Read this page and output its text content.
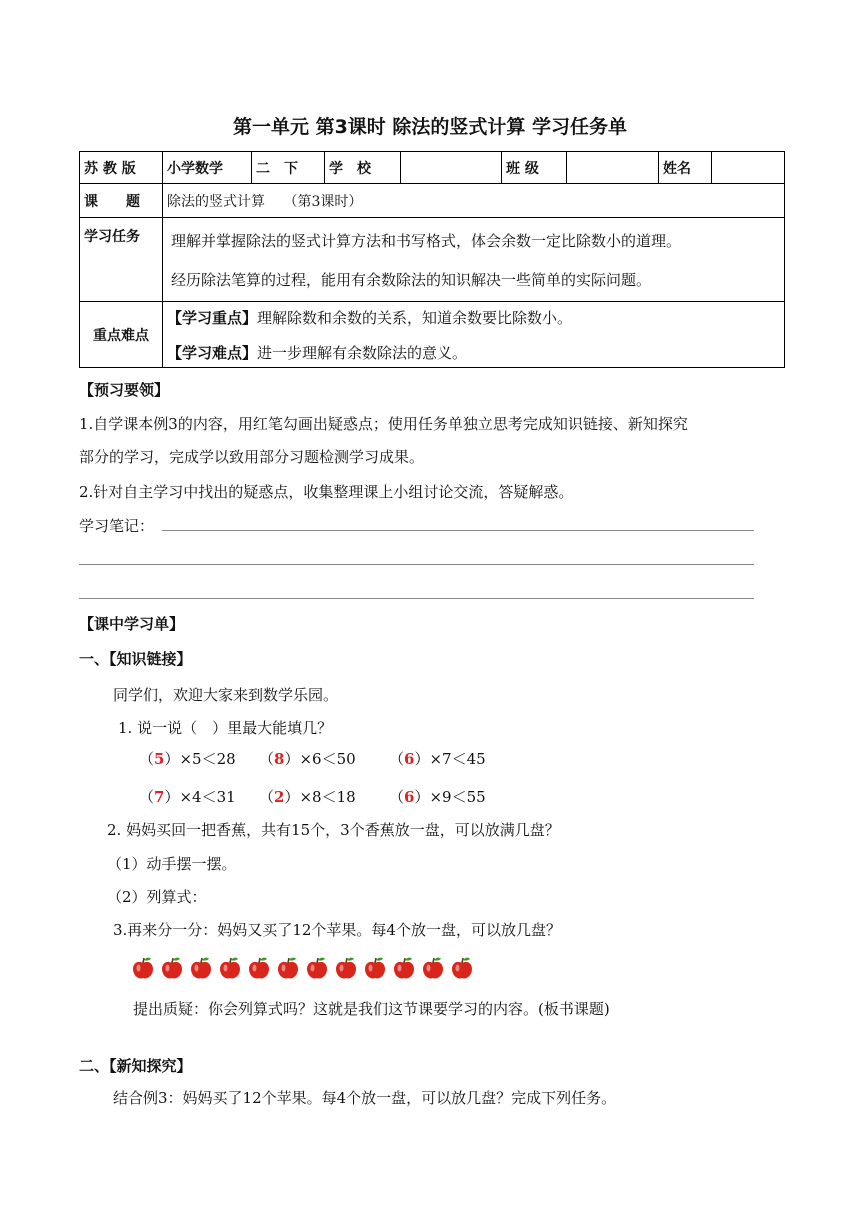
第一单元 第3课时 除法的竖式计算 学习任务单
苏 教 版	小学数学	二　下	学　校		班 级		姓名	
课　　题	除法的竖式计算　 （第3课时）							
学习任务	理解并掌握除法的竖式计算方法和书写格式，体会余数一定比除数小的道理。
经历除法笔算的过程，能用有余数除法的知识解决一些简单的实际问题。							

重点难点	【学习重点】理解除数和余数的关系，知道余数要比除数小。
【学习难点】进一步理解有余数除法的意义。							
【预习要领】
1.自学课本例3的内容，用红笔勾画出疑惑点；使用任务单独立思考完成知识链接、新知探究
部分的学习，完成学以致用部分习题检测学习成果。
2.针对自主学习中找出的疑惑点，收集整理课上小组讨论交流，答疑解惑。
学习笔记：
【课中学习单】
一、【知识链接】
同学们，欢迎大家来到数学乐园。
1. 说一说（　）里最大能填几？
（5）×5＜28 （8）×6＜50 （6）×7＜45
（7）×4＜31 （2）×8＜18 （6）×9＜55
2. 妈妈买回一把香蕉，共有15个，3个香蕉放一盘，可以放满几盘？
（1）动手摆一摆。
（2）列算式：
3.再来分一分：妈妈又买了12个苹果。每4个放一盘，可以放几盘？
提出质疑：你会列算式吗？这就是我们这节课要学习的内容。(板书课题)
二、【新知探究】
结合例3：妈妈买了12个苹果。每4个放一盘，可以放几盘？完成下列任务。
